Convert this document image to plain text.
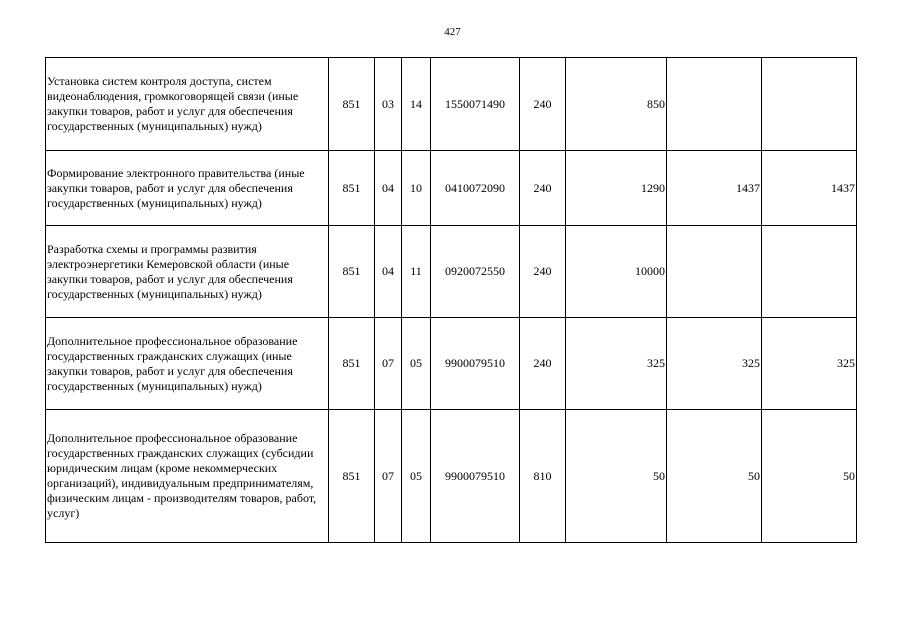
427
Установка систем контроля доступа, систем видеонаблюдения, громкоговорящей связи (иные закупки товаров, работ и услуг для обеспечения государственных (муниципальных) нужд)	851	03	14	1550071490	240	850		
Формирование электронного правительства (иные закупки товаров, работ и услуг для обеспечения государственных (муниципальных) нужд)	851	04	10	0410072090	240	1290	1437	1437
Разработка схемы и программы развития электроэнергетики Кемеровской области (иные закупки товаров, работ и услуг для обеспечения государственных (муниципальных) нужд)	851	04	11	0920072550	240	10000		
Дополнительное профессиональное образование государственных гражданских служащих (иные закупки товаров, работ и услуг для обеспечения государственных (муниципальных) нужд)	851	07	05	9900079510	240	325	325	325
Дополнительное профессиональное образование государственных гражданских служащих (субсидии юридическим лицам (кроме некоммерческих организаций), индивидуальным предпринимателям, физическим лицам - производителям товаров, работ, услуг)	851	07	05	9900079510	810	50	50	50
